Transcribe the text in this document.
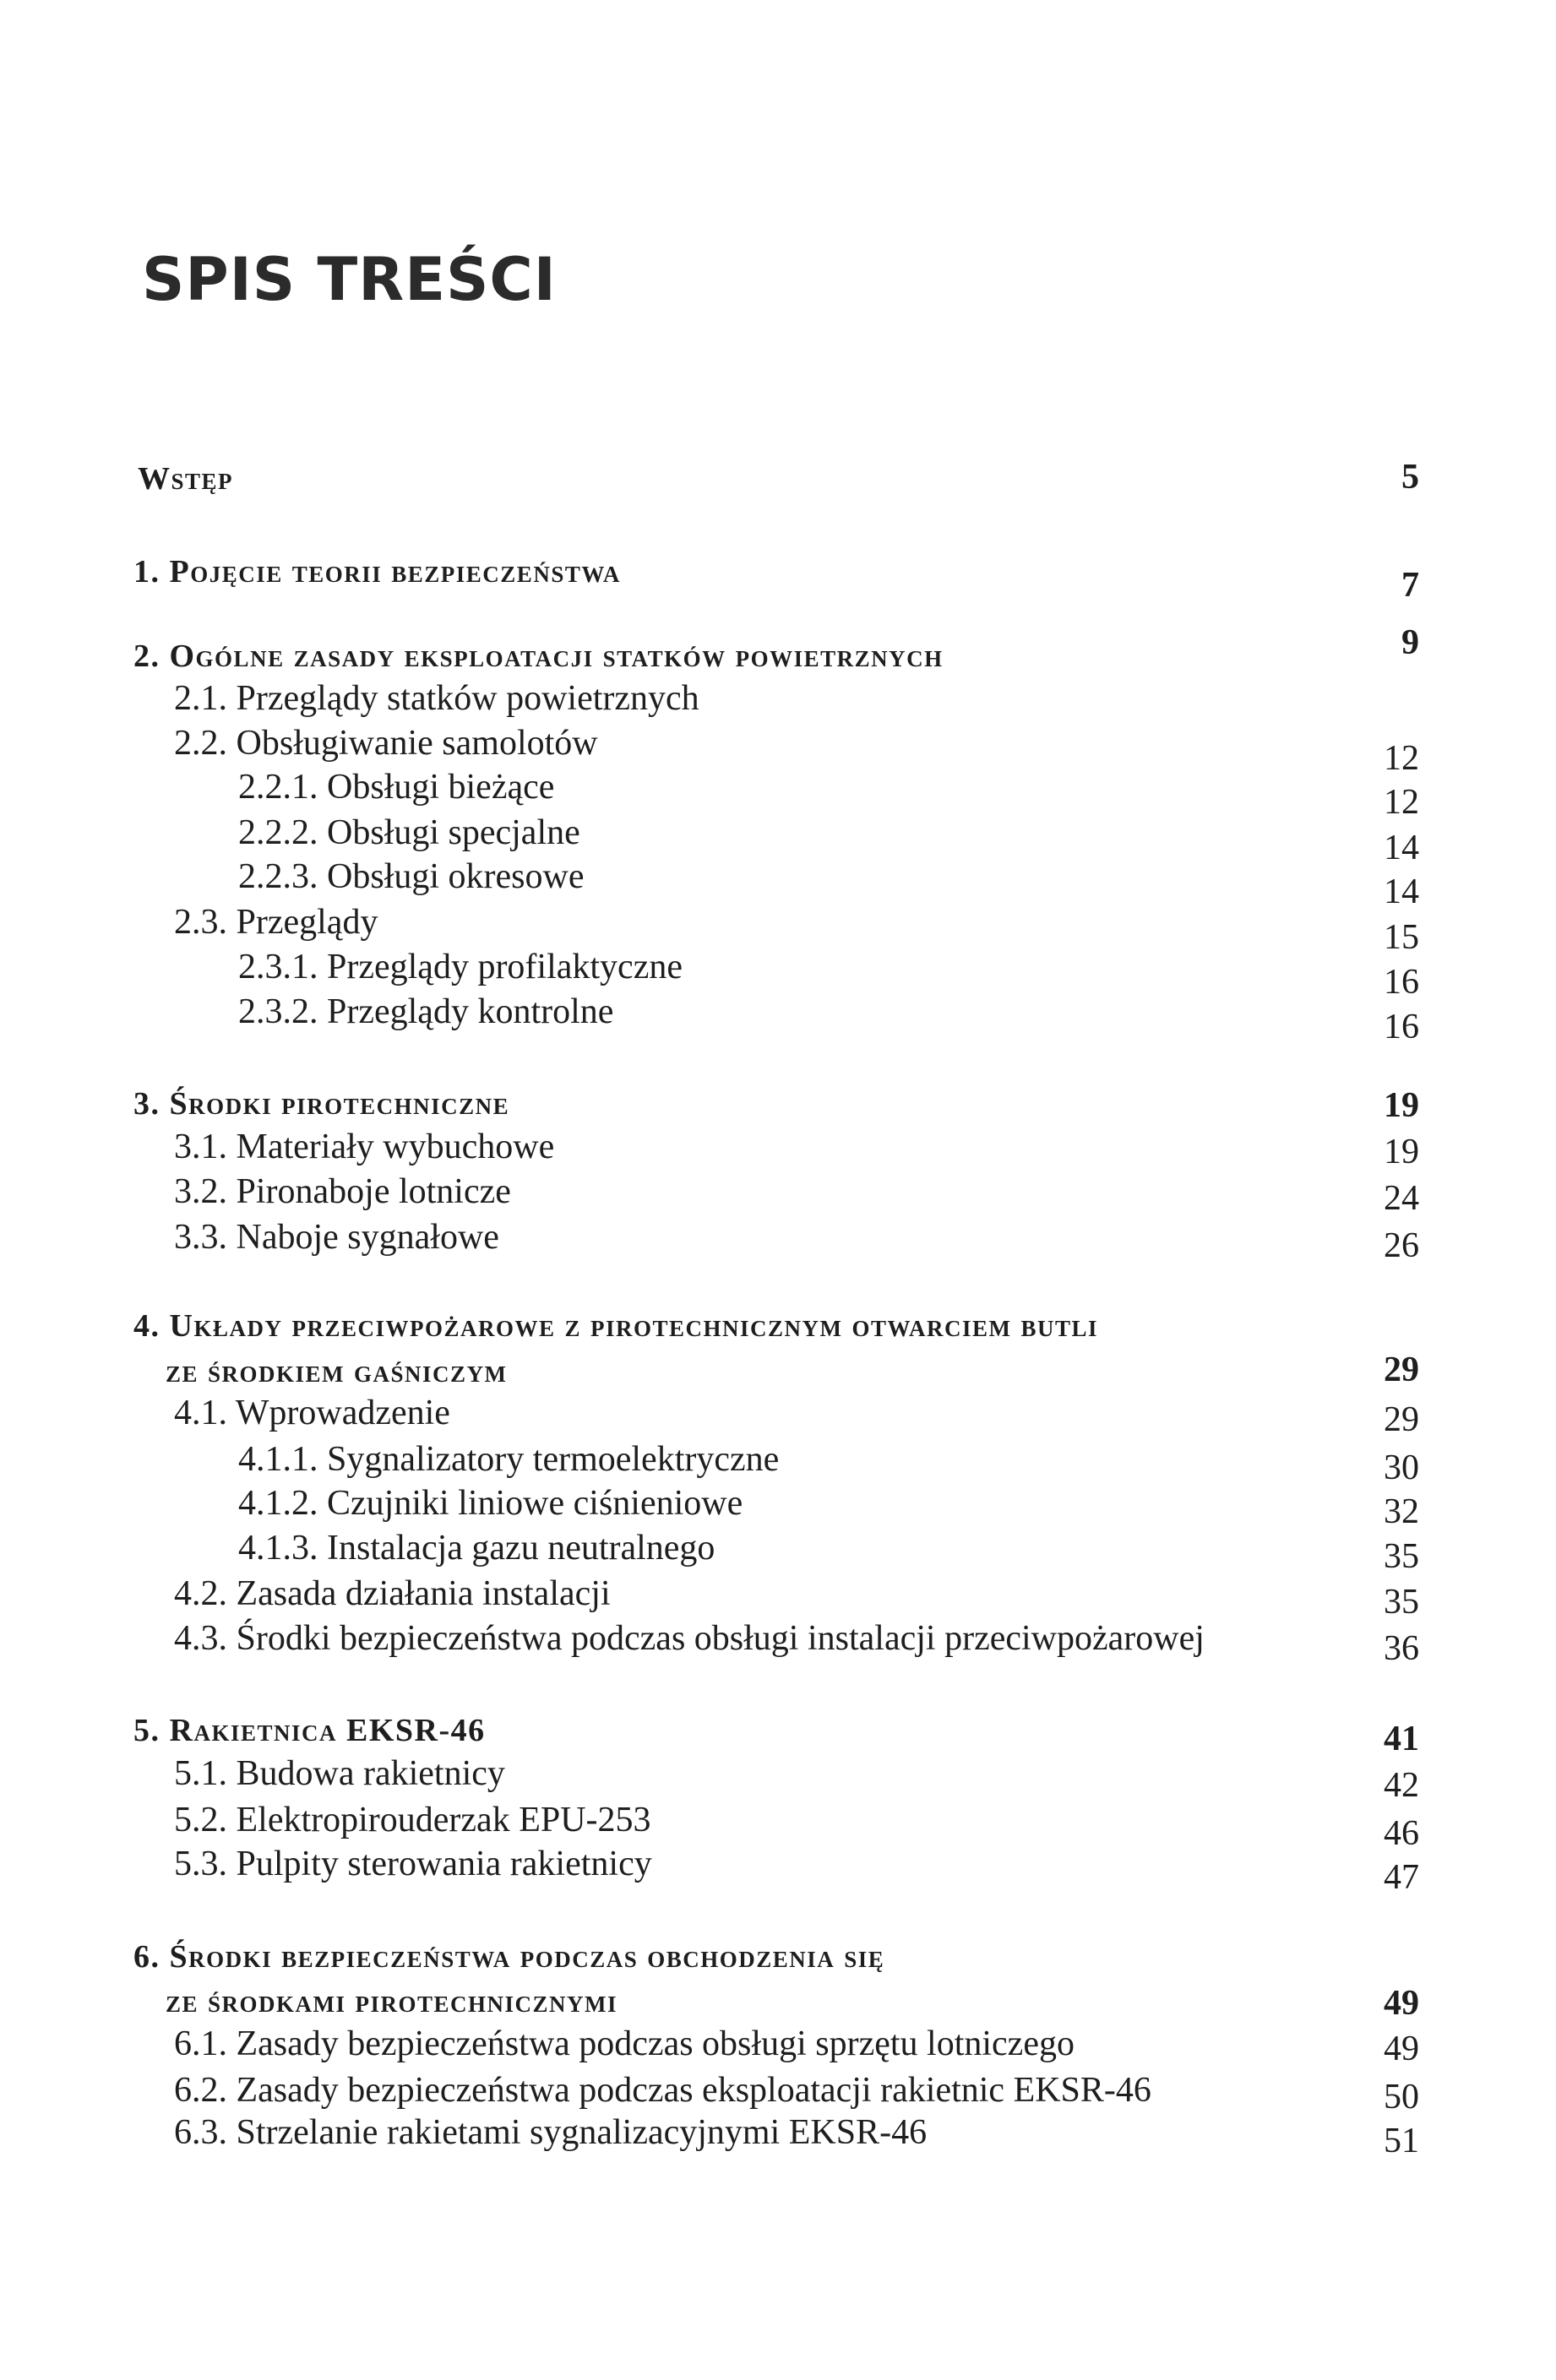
SPIS TREŚCI
Wstęp	5
1. Pojęcie teorii bezpieczeństwa	7
2. Ogólne zasady eksploatacji statków powietrznych	9
2.1. Przeglądy statków powietrznych
2.2. Obsługiwanie samolotów	12
2.2.1. Obsługi bieżące	12
2.2.2. Obsługi specjalne	14
2.2.3. Obsługi okresowe	14
2.3. Przeglądy	15
2.3.1. Przeglądy profilaktyczne	16
2.3.2. Przeglądy kontrolne	16
3. Środki pirotechniczne	19
3.1. Materiały wybuchowe	19
3.2. Pironaboje lotnicze	24
3.3. Naboje sygnałowe	26
4. Układy przeciwpożarowe z pirotechnicznym otwarciem butli
ze środkiem gaśniczym	29
4.1. Wprowadzenie	29
4.1.1. Sygnalizatory termoelektryczne	30
4.1.2. Czujniki liniowe ciśnieniowe	32
4.1.3. Instalacja gazu neutralnego	35
4.2. Zasada działania instalacji	35
4.3. Środki bezpieczeństwa podczas obsługi instalacji przeciwpożarowej	36
5. Rakietnica EKSR-46	41
5.1. Budowa rakietnicy	42
5.2. Elektropirouderzak EPU-253	46
5.3. Pulpity sterowania rakietnicy	47
6. Środki bezpieczeństwa podczas obchodzenia się
ze środkami pirotechnicznymi	49
6.1. Zasady bezpieczeństwa podczas obsługi sprzętu lotniczego	49
6.2. Zasady bezpieczeństwa podczas eksploatacji rakietnic EKSR-46	50
6.3. Strzelanie rakietami sygnalizacyjnymi EKSR-46	51
